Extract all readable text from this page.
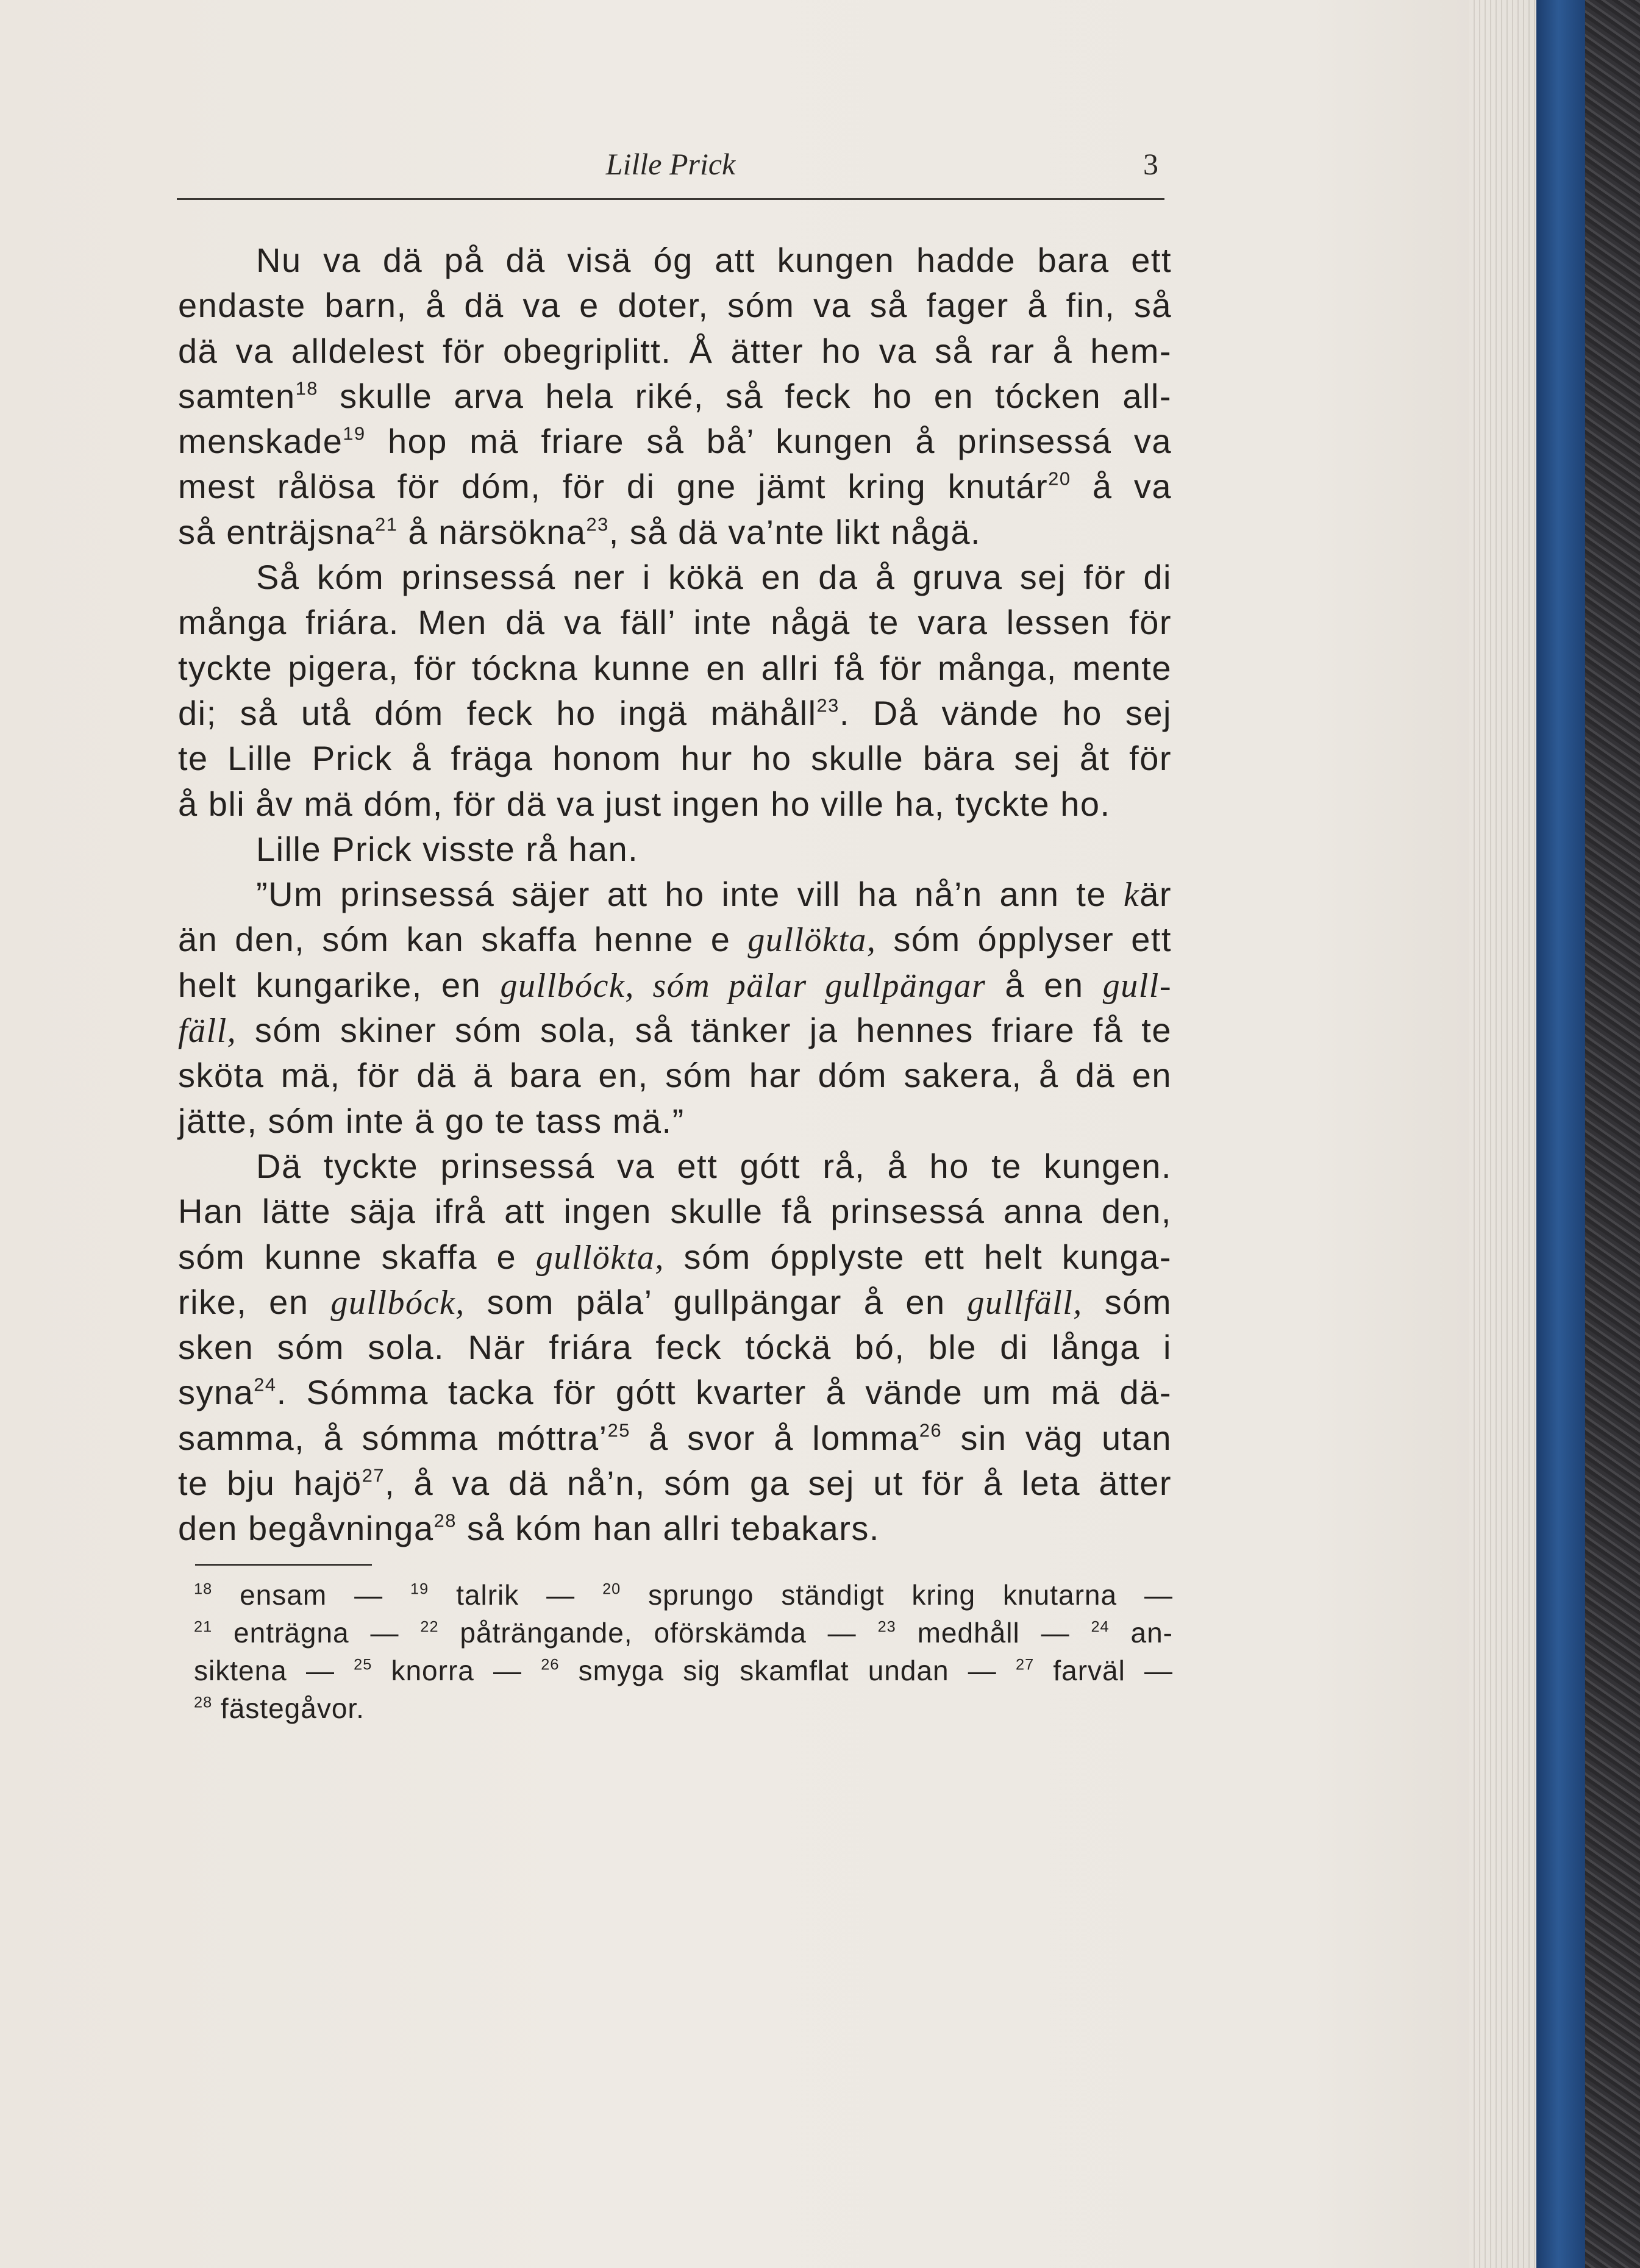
Lille Prick	3
Nu va dä på dä visä óg att kungen hadde bara ett
endaste barn, å dä va e doter, sóm va så fager å fin, så
dä va alldelest för obegriplitt. Å ätter ho va så rar å hem-
samten$^{18}$ skulle arva hela riké, så feck ho en tócken all-
menskade$^{19}$ hop mä friare så bå’ kungen å prinsessá va
mest rålösa för dóm, för di gne jämt kring knutár$^{20}$ å va
så enträjsna$^{21}$ å närsökna$^{23}$, så dä va’nte likt någä.
Så kóm prinsessá ner i kökä en da å gruva sej för di
många friára. Men dä va fäll’ inte någä te vara lessen för
tyckte pigera, för tóckna kunne en allri få för många, mente
di; så utå dóm feck ho ingä mähåll$^{23}$. Då vände ho sej
te Lille Prick å fräga honom hur ho skulle bära sej åt för
å bli åv mä dóm, för dä va just ingen ho ville ha, tyckte ho.
Lille Prick visste rå han.
”Um prinsessá säjer att ho inte vill ha nå’n ann te kär
än den, sóm kan skaffa henne e gullökta, sóm ópplyser ett
helt kungarike, en gullbóck, sóm pälar gullpängar å en gull-
fäll, sóm skiner sóm sola, så tänker ja hennes friare få te
sköta mä, för dä ä bara en, sóm har dóm sakera, å dä en
jätte, sóm inte ä go te tass mä.”
Dä tyckte prinsessá va ett gótt rå, å ho te kungen.
Han lätte säja ifrå att ingen skulle få prinsessá anna den,
sóm kunne skaffa e gullökta, sóm ópplyste ett helt kunga-
rike, en gullbóck, som päla’ gullpängar å en gullfäll, sóm
sken sóm sola. När friára feck tóckä bó, ble di långa i
syna$^{24}$. Sómma tacka för gótt kvarter å vände um mä dä-
samma, å sómma móttra’$^{25}$ å svor å lomma$^{26}$ sin väg utan
te bju hajö$^{27}$, å va dä nå’n, sóm ga sej ut för å leta ätter
den begåvninga$^{28}$ så kóm han allri tebakars.
$^{18}$ ensam — $^{19}$ talrik — $^{20}$ sprungo ständigt kring knutarna —
$^{21}$ enträgna — $^{22}$ påträngande, oförskämda — $^{23}$ medhåll — $^{24}$ an-
siktena — $^{25}$ knorra — $^{26}$ smyga sig skamflat undan — $^{27}$ farväl —
$^{28}$ fästegåvor.
